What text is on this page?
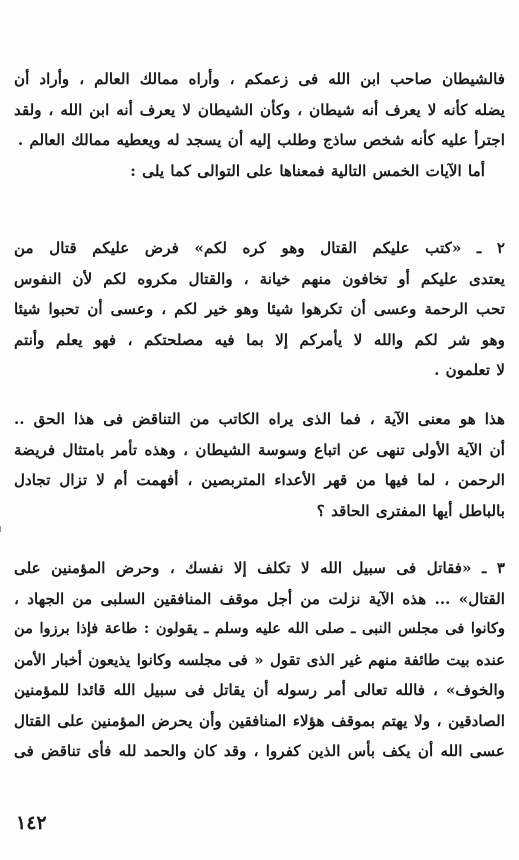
فالشيطان صاحب ابن الله فى زعمكم ، وأراه ممالك العالم ، وأراد أن
يضله كأنه لا يعرف أنه شيطان ، وكأن الشيطان لا يعرف أنه ابن الله ، ولقد
اجترأ عليه كأنه شخص ساذج وطلب إليه أن يسجد له ويعطيه ممالك العالم .
أما الآيات الخمس التالية فمعناها على التوالى كما يلى :
٢ ـ «كتب عليكم القتال وهو كره لكم» فرض عليكم قتال من
يعتدى عليكم أو تخافون منهم خيانة ، والقتال مكروه لكم لأن النفوس
تحب الرحمة وعسى أن تكرهوا شيئا وهو خير لكم ، وعسى أن تحبوا شيئا
وهو شر لكم والله لا يأمركم إلا بما فيه مصلحتكم ، فهو يعلم وأنتم
لا تعلمون .
هذا هو معنى الآية ، فما الذى يراه الكاتب من التناقض فى هذا الحق ..
أن الآية الأولى تنهى عن اتباع وسوسة الشيطان ، وهذه تأمر بامتثال فريضة
الرحمن ، لما فيها من قهر الأعداء المتربصين ، أفهمت أم لا تزال تجادل
بالباطل أيها المفترى الحاقد ؟
٣ ـ «فقاتل فى سبيل الله لا تكلف إلا نفسك ، وحرض المؤمنين على
القتال» ... هذه الآية نزلت من أجل موقف المنافقين السلبى من الجهاد ،
وكانوا فى مجلس النبى ـ صلى الله عليه وسلم ـ يقولون : طاعة فإذا برزوا من
عنده بيت طائفة منهم غير الذى تقول « فى مجلسه وكانوا يذيعون أخبار الأمن
والخوف» ، فالله تعالى أمر رسوله أن يقاتل فى سبيل الله قائدا للمؤمنين
الصادقين ، ولا يهتم بموقف هؤلاء المنافقين وأن يحرض المؤمنين على القتال
عسى الله أن يكف بأس الذين كفروا ، وقد كان والحمد لله فأى تناقض فى
١٤٢
